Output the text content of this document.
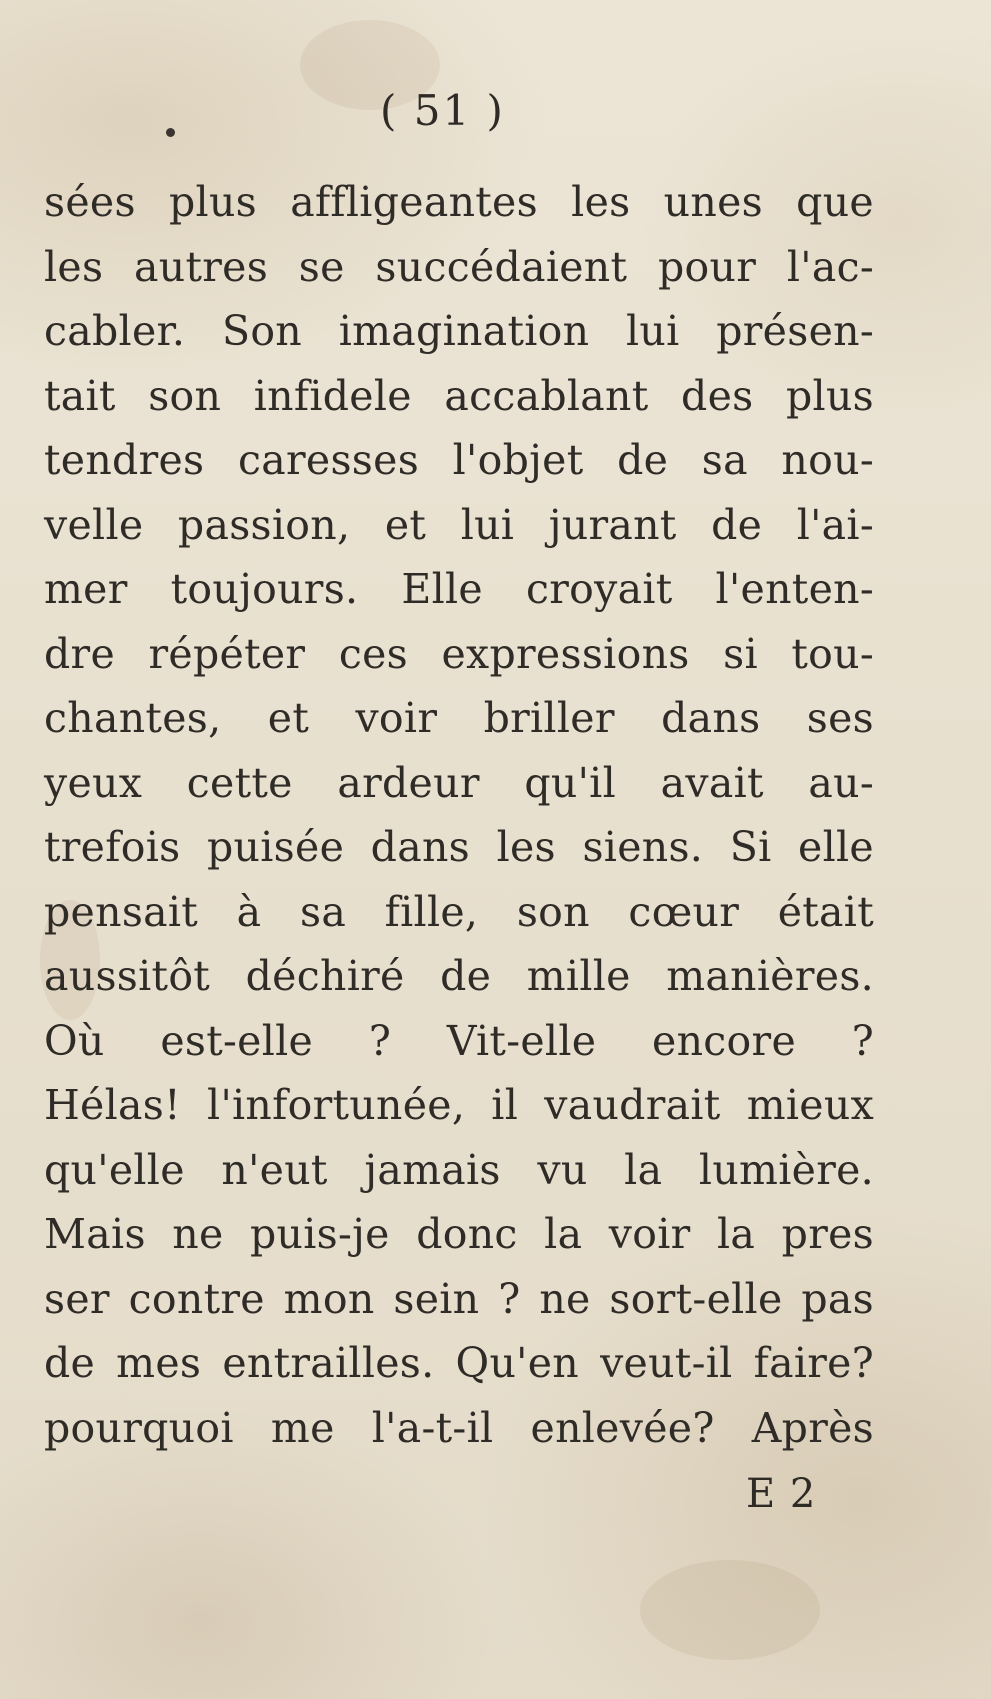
( 51 )
sées plus affligeantes les unes que
les autres se succédaient pour l'ac-
cabler. Son imagination lui présen-
tait son infidele accablant des plus
tendres caresses l'objet de sa nou-
velle passion, et lui jurant de l'ai-
mer toujours. Elle croyait l'enten-
dre répéter ces expressions si tou-
chantes, et voir briller dans ses
yeux cette ardeur qu'il avait au-
trefois puisée dans les siens. Si elle
pensait à sa fille, son cœur était
aussitôt déchiré de mille manières.
Où est-elle ? Vit-elle encore ?
Hélas! l'infortunée, il vaudrait mieux
qu'elle n'eut jamais vu la lumière.
Mais ne puis-je donc la voir la pres
ser contre mon sein ? ne sort-elle pas
de mes entrailles. Qu'en veut-il faire?
pourquoi me l'a-t-il enlevée? Après
E 2
